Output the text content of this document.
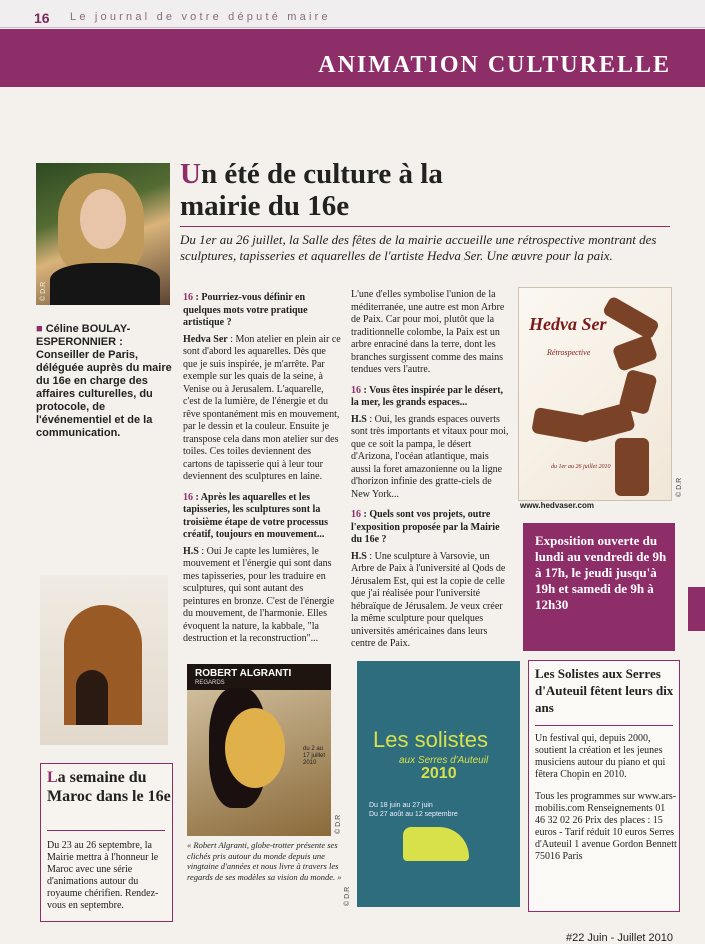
16 Le journal de votre député maire
ANIMATION CULTURELLE
© D.R
■ Céline BOULAY-ESPERONNIER :
Conseiller de Paris, déléguée auprès du maire du 16e en charge des affaires culturelles, du protocole, de l'événementiel et de la communication.
Un été de culture à la mairie du 16e
Du 1er au 26 juillet, la Salle des fêtes de la mairie accueille une rétrospective montrant des sculptures, tapisseries et aquarelles de l'artiste Hedva Ser. Une œuvre pour la paix.

16 : Pourriez-vous définir en quelques mots votre pratique artistique ?

Hedva Ser : Mon atelier en plein air ce sont d'abord les aquarelles. Dès que que je suis inspirée, je m'arrête. Par exemple sur les quais de la seine, à Venise ou à Jerusalem. L'aquarelle, c'est de la lumière, de l'énergie et du rêve spontanément mis en mouvement, par le dessin et la couleur. Ensuite je transpose cela dans mon atelier sur des toiles. Ces toiles deviennent des cartons de tapisserie qui à leur tour deviennent des sculptures en laine.

16 : Après les aquarelles et les tapisseries, les sculptures sont la troisième étape de votre processus créatif, toujours en mouvement...

H.S : Oui Je capte les lumières, le mouvement et l'énergie qui sont dans mes tapisseries, pour les traduire en sculptures, qui sont autant des peintures en bronze. C'est de l'énergie du mouvement, de l'harmonie. Elles évoquent la nature, la kabbale, "la destruction et la reconstruction"...

L'une d'elles symbolise l'union de la méditerranée, une autre est mon Arbre de Paix. Car pour moi, plutôt que la traditionnelle colombe, la Paix est un arbre enraciné dans la terre, dont les branches surgissent comme des mains tendues vers l'autre.

16 : Vous êtes inspirée par le désert, la mer, les grands espaces...

H.S : Oui, les grands espaces ouverts sont très importants et vitaux pour moi, que ce soit la pampa, le désert d'Arizona, l'océan atlantique, mais aussi la foret amazonienne ou la ligne d'horizon infinie des gratte-ciels de New York...

16 : Quels sont vos projets, outre l'exposition proposée par la Mairie du 16e ?

H.S : Une sculpture à Varsovie, un Arbre de Paix à l'université al Qods de Jérusalem Est, qui est la copie de celle que j'ai réalisée pour l'université hébraïque de Jérusalem. Je veux créer la même sculpture pour quelques universités américaines dans leurs centre de Paix.

Hedva Ser
Rétrospective
du 1er au 26 juillet 2010
© D.R
www.hedvaser.com
Exposition ouverte du lundi au vendredi de 9h à 17h, le jeudi jusqu'à 19h et samedi de 9h à 12h30
La semaine du Maroc dans le 16e
Du 23 au 26 septembre, la Mairie mettra à l'honneur le Maroc avec une série d'animations autour du royaume chérifien. Rendez-vous en septembre.
ROBERT ALGRANTI
REGARDS
du 2 au 17 juillet 2010
© D.R
« Robert Algranti, globe-trotter présente ses clichés pris autour du monde depuis une vingtaine d'années et nous livre à travers les regards de ses modèles sa vision du monde. »
Les solistes
aux Serres d'Auteuil
2010
Du 18 juin au 27 juin
Du 27 août au 12 septembre
© D.R
Les Solistes aux Serres d'Auteuil fêtent leurs dix ans
Un festival qui, depuis 2000, soutient la création et les jeunes musiciens autour du piano et qui fêtera Chopin en 2010.
Tous les programmes sur www.ars-mobilis.com Renseignements 01 46 32 02 26 Prix des places : 15 euros - Tarif réduit 10 euros Serres d'Auteuil 1 avenue Gordon Bennett 75016 Paris
#22 Juin - Juillet 2010
